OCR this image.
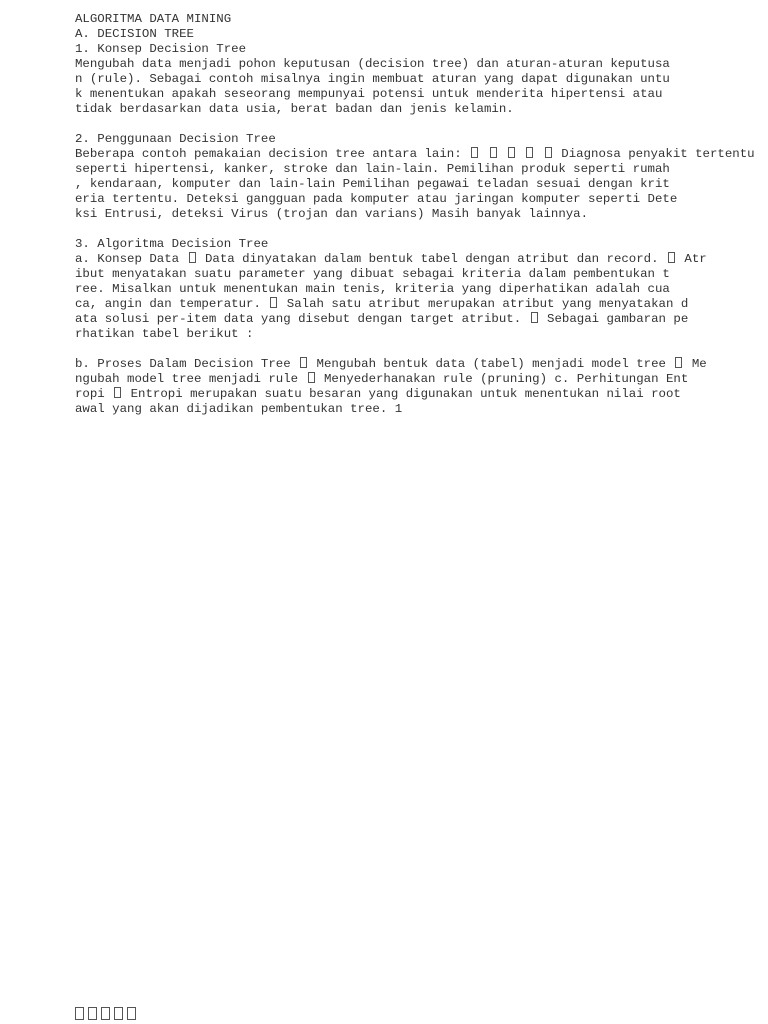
ALGORITMA DATA MINING
A. DECISION TREE
1. Konsep Decision Tree
Mengubah data menjadi pohon keputusan (decision tree) dan aturan-aturan keputusa
n (rule). Sebagai contoh misalnya ingin membuat aturan yang dapat digunakan untu
k menentukan apakah seseorang mempunyai potensi untuk menderita hipertensi atau
tidak berdasarkan data usia, berat badan dan jenis kelamin.
2. Penggunaan Decision Tree
Beberapa contoh pemakaian decision tree antara lain:	Diagnosa penyakit tertentu
seperti hipertensi, kanker, stroke dan lain-lain. Pemilihan produk seperti rumah
, kendaraan, komputer dan lain-lain Pemilihan pegawai teladan sesuai dengan krit
eria tertentu. Deteksi gangguan pada komputer atau jaringan komputer seperti Dete
ksi Entrusi, deteksi Virus (trojan dan varians) Masih banyak lainnya.
3. Algoritma Decision Tree
a. Konsep Data  Data dinyatakan dalam bentuk tabel dengan atribut dan record.  Atr
ibut menyatakan suatu parameter yang dibuat sebagai kriteria dalam pembentukan t
ree. Misalkan untuk menentukan main tenis, kriteria yang diperhatikan adalah cua
ca, angin dan temperatur.  Salah satu atribut merupakan atribut yang menyatakan d
ata solusi per-item data yang disebut dengan target atribut.  Sebagai gambaran pe
rhatikan tabel berikut :
b. Proses Dalam Decision Tree  Mengubah bentuk data (tabel) menjadi model tree  Me
ngubah model tree menjadi rule  Menyederhanakan rule (pruning) c. Perhitungan Ent
ropi  Entropi merupakan suatu besaran yang digunakan untuk menentukan nilai root
awal yang akan dijadikan pembentukan tree. 1
